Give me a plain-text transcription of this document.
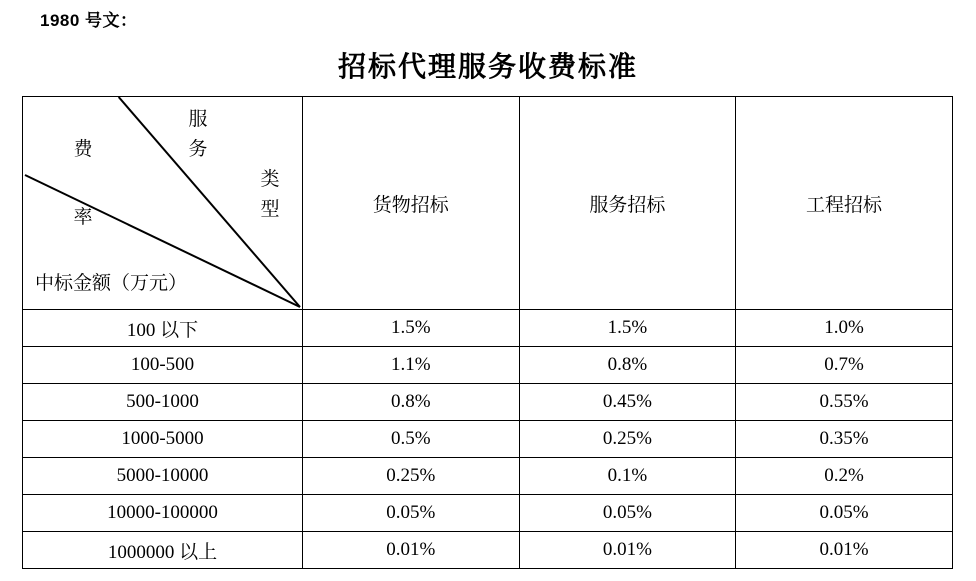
1980 号文：
招标代理服务收费标准
服务
费
率
类型
中标金额（万元）	货物招标	服务招标	工程招标
100 以下	1.5%	1.5%	1.0%
100-500	1.1%	0.8%	0.7%
500-1000	0.8%	0.45%	0.55%
1000-5000	0.5%	0.25%	0.35%
5000-10000	0.25%	0.1%	0.2%
10000-100000	0.05%	0.05%	0.05%
1000000 以上	0.01%	0.01%	0.01%
